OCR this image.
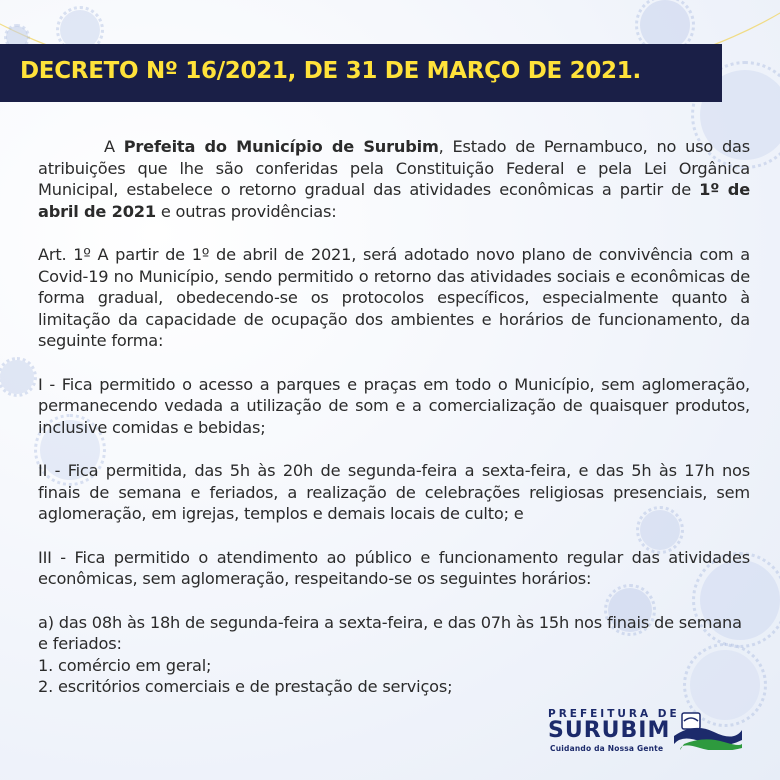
DECRETO Nº 16/2021, DE 31 DE MARÇO DE 2021.

A Prefeita do Município de Surubim, Estado de Pernambuco, no uso das atribuições que lhe são conferidas pela Constituição Federal e pela Lei Orgânica Municipal, estabelece o retorno gradual das atividades econômicas a partir de 1º de abril de 2021 e outras providências:

Art. 1º A partir de 1º de abril de 2021, será adotado novo plano de convivência com a Covid-19 no Município, sendo permitido o retorno das atividades sociais e econômicas de forma gradual, obedecendo-se os protocolos específicos, especialmente quanto à limitação da capacidade de ocupação dos ambientes e horários de funcionamento, da seguinte forma:

I - Fica permitido o acesso a parques e praças em todo o Município, sem aglomeração, permanecendo vedada a utilização de som e a comercialização de quaisquer produtos, inclusive comidas e bebidas;

II - Fica permitida, das 5h às 20h de segunda-feira a sexta-feira, e das 5h às 17h nos finais de semana e feriados, a realização de celebrações religiosas presenciais, sem aglomeração, em igrejas, templos e demais locais de culto; e

III - Fica permitido o atendimento ao público e funcionamento regular das atividades econômicas, sem aglomeração, respeitando-se os seguintes horários:

a) das 08h às 18h de segunda-feira a sexta-feira, e das 07h às 15h nos finais de semana e feriados:

1. comércio em geral;

2. escritórios comerciais e de prestação de serviços;

PREFEITURA DE
SURUBIM
Cuidando da Nossa Gente
